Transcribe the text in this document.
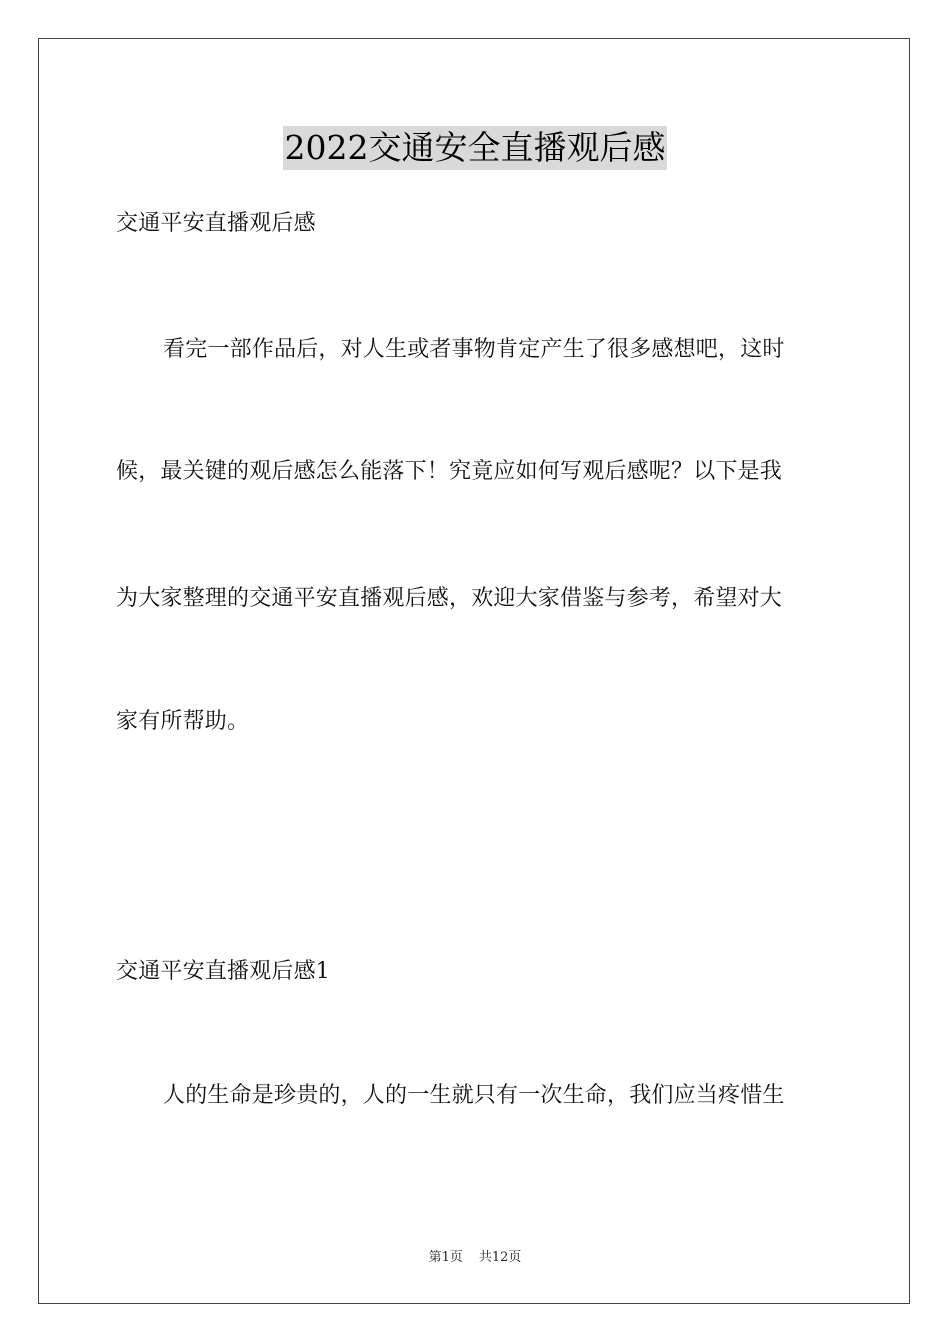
2022交通安全直播观后感
交通平安直播观后感
看完一部作品后，对人生或者事物肯定产生了很多感想吧，这时
候，最关键的观后感怎么能落下！究竟应如何写观后感呢？以下是我
为大家整理的交通平安直播观后感，欢迎大家借鉴与参考，希望对大
家有所帮助。
交通平安直播观后感1
人的生命是珍贵的，人的一生就只有一次生命，我们应当疼惜生
第1页 共12页
